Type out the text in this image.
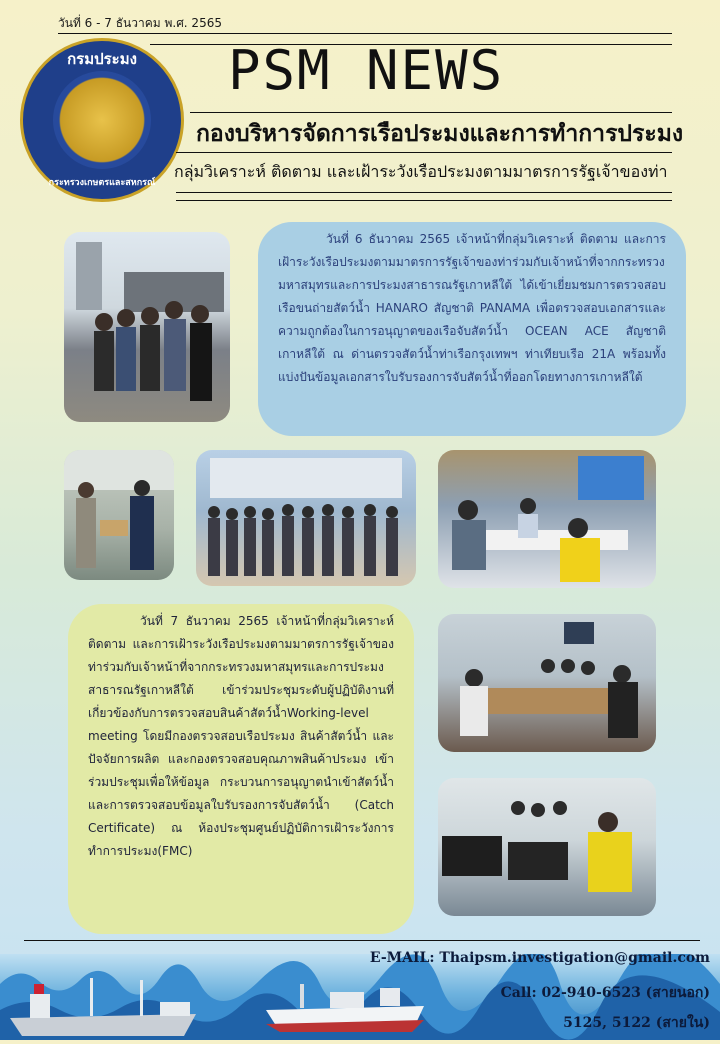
วันที่ 6 - 7 ธันวาคม พ.ศ. 2565
กรมประมง
กระทรวงเกษตรและสหกรณ์
PSM NEWS
กองบริหารจัดการเรือประมงและการทำการประมง
กลุ่มวิเคราะห์ ติดตาม และเฝ้าระวังเรือประมงตามมาตรการรัฐเจ้าของท่า
วันที่ 6 ธันวาคม 2565 เจ้าหน้าที่กลุ่มวิเคราะห์ ติดตาม และการเฝ้าระวังเรือประมงตามมาตรการรัฐเจ้าของท่าร่วมกับเจ้าหน้าที่จากกระทรวงมหาสมุทรและการประมงสาธารณรัฐเกาหลีใต้ ได้เข้าเยี่ยมชมการตรวจสอบเรือขนถ่ายสัตว์น้ำ HANARO สัญชาติ PANAMA เพื่อตรวจสอบเอกสารและความถูกต้องในการอนุญาตของเรือจับสัตว์น้ำ OCEAN ACE สัญชาติ เกาหลีใต้ ณ ด่านตรวจสัตว์น้ำท่าเรือกรุงเทพฯ ท่าเทียบเรือ 21A พร้อมทั้งแบ่งปันข้อมูลเอกสารใบรับรองการจับสัตว์น้ำที่ออกโดยทางการเกาหลีใต้
วันที่ 7 ธันวาคม 2565 เจ้าหน้าที่กลุ่มวิเคราะห์ ติดตาม และการเฝ้าระวังเรือประมงตามมาตรการรัฐเจ้าของท่าร่วมกับเจ้าหน้าที่จากกระทรวงมหาสมุทรและการประมงสาธารณรัฐเกาหลีใต้ เข้าร่วมประชุมระดับผู้ปฏิบัติงานที่เกี่ยวข้องกับการตรวจสอบสินค้าสัตว์น้ำWorking-level meeting โดยมีกองตรวจสอบเรือประมง สินค้าสัตว์น้ำ และปัจจัยการผลิต และกองตรวจสอบคุณภาพสินค้าประมง เข้าร่วมประชุมเพื่อให้ข้อมูล กระบวนการอนุญาตนำเข้าสัตว์น้ำ และการตรวจสอบข้อมูลใบรับรองการจับสัตว์น้ำ (Catch Certificate) ณ ห้องประชุมศูนย์ปฏิบัติการเฝ้าระวังการทำการประมง(FMC)
E-MAIL: Thaipsm.investigation@gmail.com
Call: 02-940-6523 (สายนอก)
5125, 5122 (สายใน)
